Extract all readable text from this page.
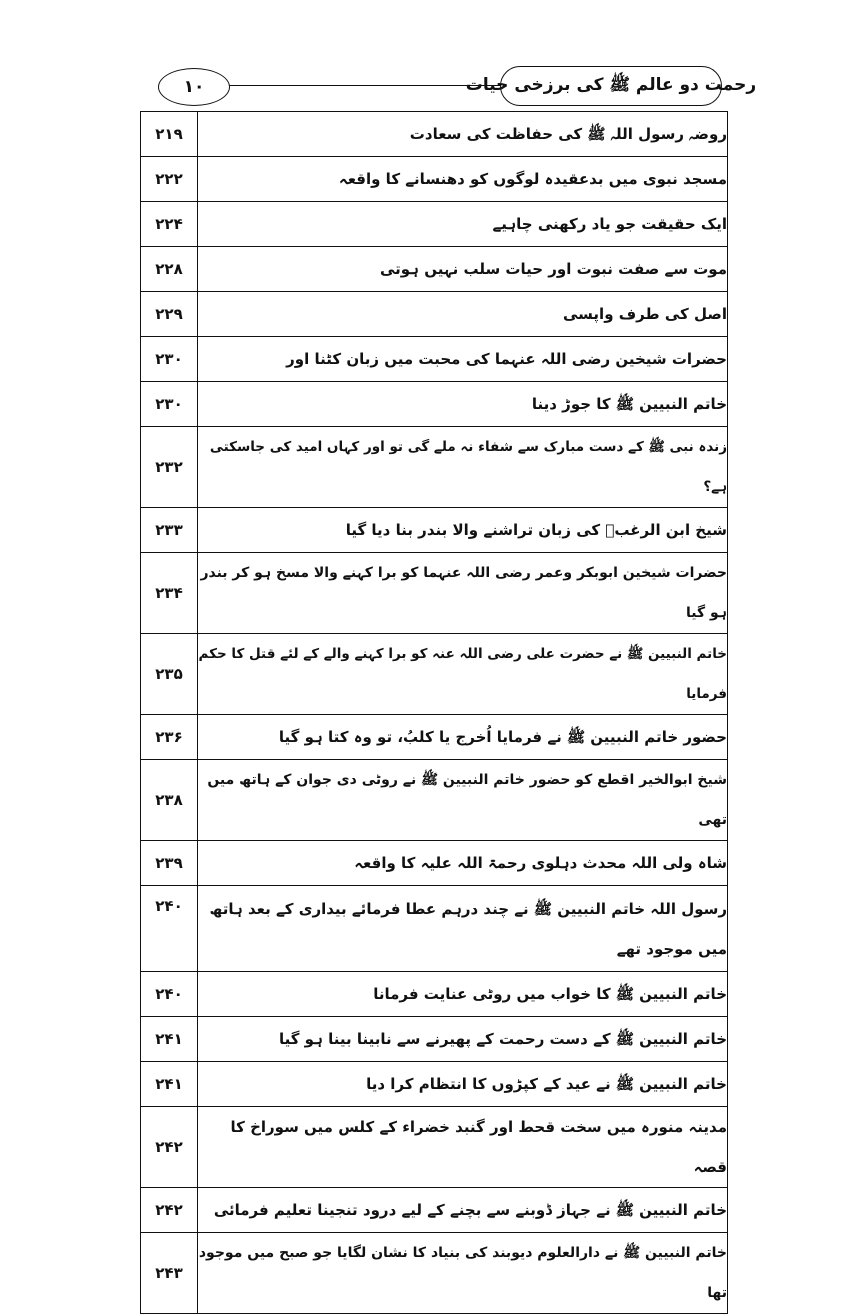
۱۰	رحمت دو عالم ﷺ کی برزخی حیات
۲۱۹	روضہ رسول اللہ ﷺ کی حفاظت کی سعادت
۲۲۲	مسجد نبوی میں بدعقیدہ لوگوں کو دھنسانے کا واقعہ
۲۲۴	ایک حقیقت جو یاد رکھنی چاہیے
۲۲۸	موت سے صفت نبوت اور حیات سلب نہیں ہوتی
۲۲۹	اصل کی طرف واپسی
۲۳۰	حضرات شیخین رضی اللہ عنہما کی محبت میں زبان کٹنا اور
۲۳۰	خاتم النبیین ﷺ کا جوڑ دینا
۲۳۲	زندہ نبی ﷺ کے دست مبارک سے شفاء نہ ملے گی تو اور کہاں امید کی جاسکتی ہے؟
۲۳۳	شیخ ابن الرغبؒ کی زبان تراشنے والا بندر بنا دیا گیا
۲۳۴	حضرات شیخین ابوبکر وعمر رضی اللہ عنہما کو برا کہنے والا مسخ ہو کر بندر ہو گیا
۲۳۵	خاتم النبیین ﷺ نے حضرت علی رضی اللہ عنہ کو برا کہنے والے کے لئے قتل کا حکم فرمایا
۲۳۶	حضور خاتم النبیین ﷺ نے فرمایا اُخرج یا کلبُ، تو وہ کتا ہو گیا
۲۳۸	شیخ ابوالخیر اقطع کو حضور خاتم النبیین ﷺ نے روٹی دی جوان کے ہاتھ میں تھی
۲۳۹	شاہ ولی اللہ محدث دہلوی رحمۃ اللہ علیہ کا واقعہ
۲۴۰	رسول اللہ خاتم النبیین ﷺ نے چند درہم عطا فرمائے بیداری کے بعد ہاتھ میں موجود تھے
۲۴۰	خاتم النبیین ﷺ کا خواب میں روٹی عنایت فرمانا
۲۴۱	خاتم النبیین ﷺ کے دست رحمت کے پھیرنے سے نابینا بینا ہو گیا
۲۴۱	خاتم النبیین ﷺ نے عید کے کپڑوں کا انتظام کرا دیا
۲۴۲	مدینہ منورہ میں سخت قحط اور گنبد خضراء کے کلس میں سوراخ کا قصہ
۲۴۲	خاتم النبیین ﷺ نے جہاز ڈوبنے سے بچنے کے لیے درود تنجینا تعلیم فرمائی
۲۴۳	خاتم النبیین ﷺ نے دارالعلوم دیوبند کی بنیاد کا نشان لگایا جو صبح میں موجود تھا
